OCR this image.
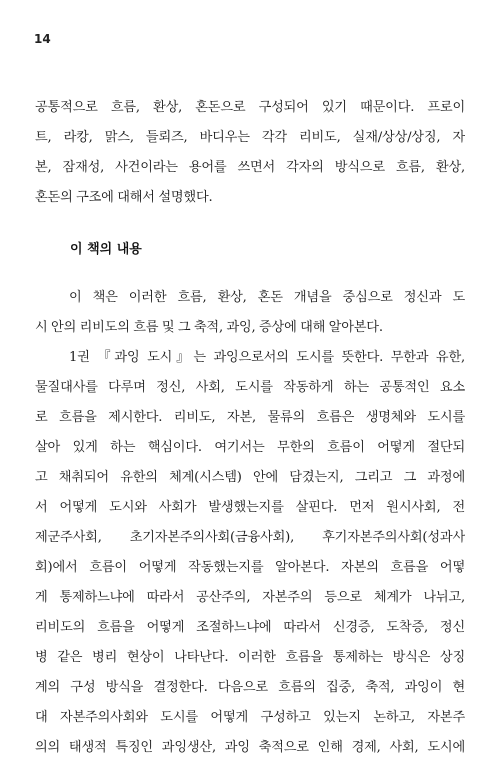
14
공통적으로 흐름, 환상, 혼돈으로 구성되어 있기 때문이다. 프로이
트, 라캉, 맑스, 들뢰즈, 바디우는 각각 리비도, 실재/상상/상징, 자
본, 잠재성, 사건이라는 용어를 쓰면서 각자의 방식으로 흐름, 환상,
혼돈의 구조에 대해서 설명했다.
이 책의 내용
이 책은 이러한 흐름, 환상, 혼돈 개념을 중심으로 정신과 도
시 안의 리비도의 흐름 및 그 축적, 과잉, 증상에 대해 알아본다.
1권 『과잉 도시』는 과잉으로서의 도시를 뜻한다. 무한과 유한,
물질대사를 다루며 정신, 사회, 도시를 작동하게 하는 공통적인 요소
로 흐름을 제시한다. 리비도, 자본, 물류의 흐름은 생명체와 도시를
살아 있게 하는 핵심이다. 여기서는 무한의 흐름이 어떻게 절단되
고 채취되어 유한의 체계(시스템) 안에 담겼는지, 그리고 그 과정에
서 어떻게 도시와 사회가 발생했는지를 살핀다. 먼저 원시사회, 전
제군주사회, 초기자본주의사회(금융사회), 후기자본주의사회(성과사
회)에서 흐름이 어떻게 작동했는지를 알아본다. 자본의 흐름을 어떻
게 통제하느냐에 따라서 공산주의, 자본주의 등으로 체계가 나뉘고,
리비도의 흐름을 어떻게 조절하느냐에 따라서 신경증, 도착증, 정신
병 같은 병리 현상이 나타난다. 이러한 흐름을 통제하는 방식은 상징
계의 구성 방식을 결정한다. 다음으로 흐름의 집중, 축적, 과잉이 현
대 자본주의사회와 도시를 어떻게 구성하고 있는지 논하고, 자본주
의의 태생적 특징인 과잉생산, 과잉 축적으로 인해 경제, 사회, 도시에
